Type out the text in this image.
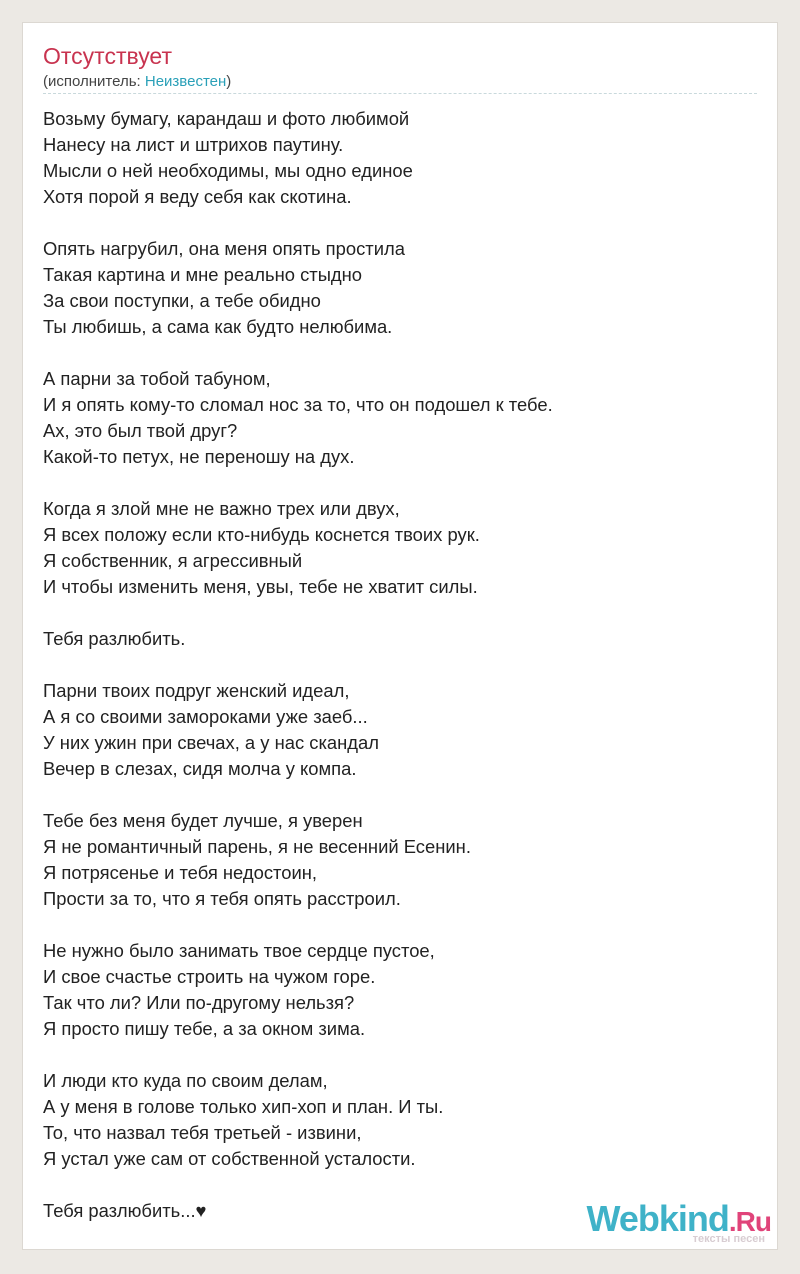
Отсутствует
(исполнитель: Неизвестен)
Возьму бумагу, карандаш и фото любимой
Нанесу на лист и штрихов паутину.
Мысли о ней необходимы, мы одно единое
Хотя порой я веду себя как скотина.
Опять нагрубил, она меня опять простила
Такая картина и мне реально стыдно
За свои поступки, а тебе обидно
Ты любишь, а сама как будто нелюбима.
А парни за тобой табуном,
И я опять кому-то сломал нос за то, что он подошел к тебе.
Ах, это был твой друг?
Какой-то петух, не переношу на дух.
Когда я злой мне не важно трех или двух,
Я всех положу если кто-нибудь коснется твоих рук.
Я собственник, я агрессивный
И чтобы изменить меня, увы, тебе не хватит силы.
Тебя разлюбить.
Парни твоих подруг женский идеал,
А я со своими замороками уже заеб...
У них ужин при свечах, а у нас скандал
Вечер в слезах, сидя молча у компа.
Тебе без меня будет лучше, я уверен
Я не романтичный парень, я не весенний Есенин.
Я потрясенье и тебя недостоин,
Прости за то, что я тебя опять расстроил.
Не нужно было занимать твое сердце пустое,
И свое счастье строить на чужом горе.
Так что ли? Или по-другому нельзя?
Я просто пишу тебе, а за окном зима.
И люди кто куда по своим делам,
А у меня в голове только хип-хоп и план. И ты.
То, что назвал тебя третьей - извини,
Я устал уже сам от собственной усталости.
Тебя разлюбить...♥	Webkind.Ru
тексты песен
